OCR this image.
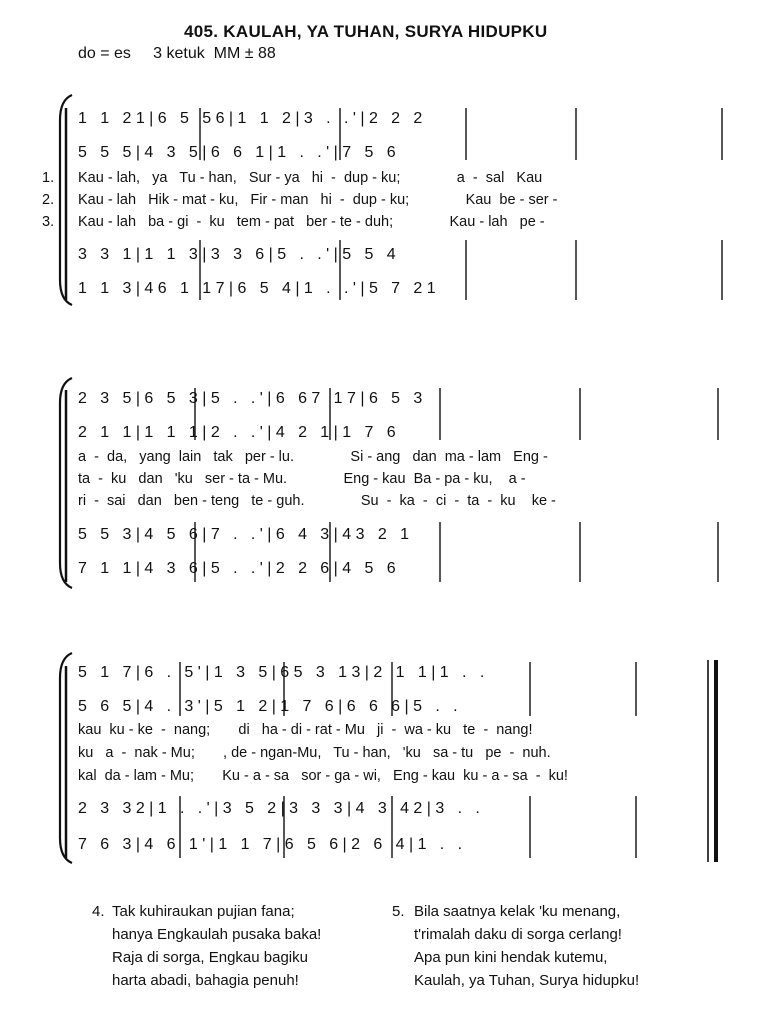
405. KAULAH, YA TUHAN, SURYA HIDUPKU
do = es     3 ketuk  MM ± 88
1   1   2 1 | 6   5   5 6 | 1   1   2 | 3   .   . ' | 2   2   2
5   5   5 | 4   3   5 | 6   6   1 | 1   .   . ' | 7   5   6
1. Kau - lah,   ya   Tu - han,   Sur - ya   hi  -  dup - ku;              a  -  sal   Kau
2. Kau - lah   Hik - mat - ku,   Fir - man   hi  -  dup - ku;              Kau  be - ser -
3. Kau - lah   ba - gi  -  ku   tem - pat   ber - te - duh;              Kau - lah   pe -
3   3   1 | 1   1   3 | 3   3   6 | 5   .   . ' | 5   5   4
1   1   3 | 4 6   1   1 7 | 6   5   4 | 1   .   . ' | 5   7   2 1
2   3   5 | 6   5   3 | 5   .   . ' | 6   6 7   1 7 | 6   5   3
2   1   1 | 1   1   1 | 2   .   . ' | 4   2   1 | 1   7   6
a  -  da,   yang  lain   tak   per - lu.              Si - ang   dan  ma - lam   Eng -
ta  -  ku   dan   'ku   ser - ta - Mu.              Eng - kau  Ba - pa - ku,    a -
ri  -  sai   dan   ben - teng   te - guh.              Su  -  ka  -  ci  -  ta  -  ku    ke -
5   5   3 | 4   5   6 | 7   .   . ' | 6   4   3 | 4 3   2   1
7   1   1 | 4   3   6 | 5   .   . ' | 2   2   6 | 4   5   6
5   1   7 | 6   .   5 ' | 1   3   5 | 6 5   3   1 3 | 2   1   1 | 1   .   .
5   6   5 | 4   .   3 ' | 5   1   2 | 1   7   6 | 6   6   6 | 5   .   .
kau  ku - ke  -  nang;       di   ha - di - rat - Mu   ji  -  wa - ku   te  -  nang!
ku   a  -  nak - Mu;       , de - ngan-Mu,   Tu - han,   'ku   sa - tu   pe  -  nuh.
kal  da - lam - Mu;       Ku - a - sa   sor - ga - wi,   Eng - kau  ku - a - sa  -  ku!
2   3   3 2 | 1   .   . ' | 3   5   2 | 3   3   3 | 4   3   4 2 | 3   .   .
7   6   3 | 4   6   1 ' | 1   1   7 | 6   5   6 | 2   6   4 | 1   .   .
4. Tak kuhiraukan pujian fana;
hanya Engkaulah pusaka baka!
Raja di sorga, Engkau bagiku
harta abadi, bahagia penuh!
5. Bila saatnya kelak 'ku menang,
t'rimalah daku di sorga cerlang!
Apa pun kini hendak kutemu,
Kaulah, ya Tuhan, Surya hidupku!
